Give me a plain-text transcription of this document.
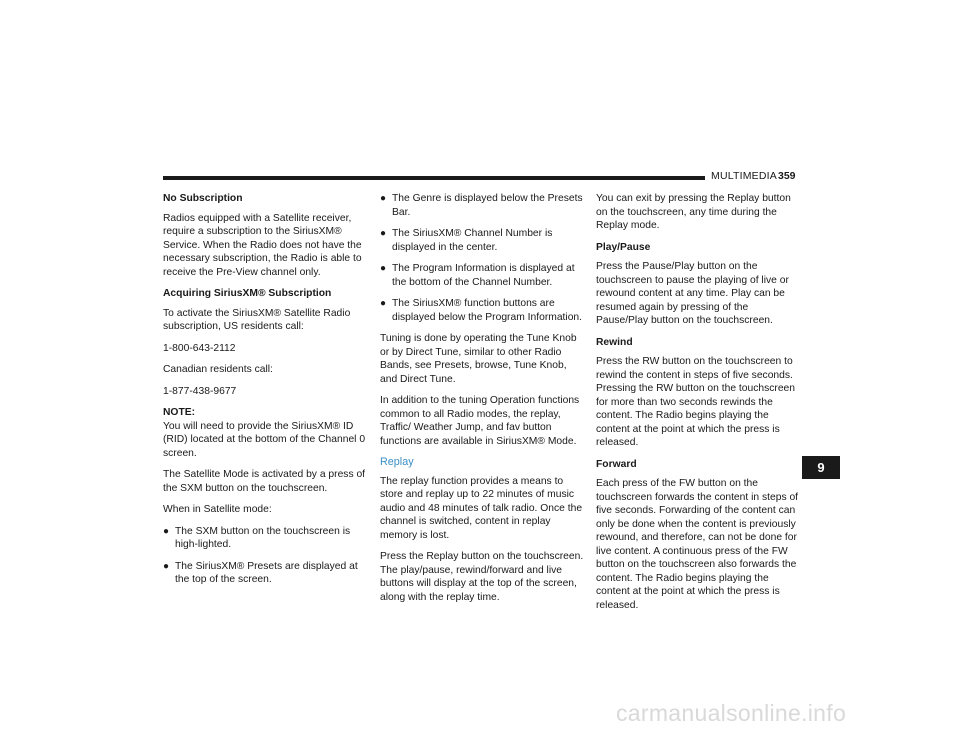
MULTIMEDIA 359

No Subscription

Radios equipped with a Satellite receiver, require a subscription to the SiriusXM® Service. When the Radio does not have the necessary subscription, the Radio is able to receive the Pre-View channel only.

Acquiring SiriusXM® Subscription

To activate the SiriusXM® Satellite Radio subscription, US residents call:

1-800-643-2112

Canadian residents call:

1-877-438-9677

NOTE:

You will need to provide the SiriusXM® ID (RID) located at the bottom of the Channel 0 screen.

The Satellite Mode is activated by a press of the SXM button on the touchscreen.

When in Satellite mode:

● The SXM button on the touchscreen is high-lighted.
● The SiriusXM® Presets are displayed at the top of the screen.
● The Genre is displayed below the Presets Bar.
● The SiriusXM® Channel Number is displayed in the center.
● The Program Information is displayed at the bottom of the Channel Number.
● The SiriusXM® function buttons are displayed below the Program Information.

Tuning is done by operating the Tune Knob or by Direct Tune, similar to other Radio Bands, see Presets, browse, Tune Knob, and Direct Tune.

In addition to the tuning Operation functions common to all Radio modes, the replay, Traffic/ Weather Jump, and fav button functions are available in SiriusXM® Mode.

Replay

The replay function provides a means to store and replay up to 22 minutes of music audio and 48 minutes of talk radio. Once the channel is switched, content in replay memory is lost.

Press the Replay button on the touchscreen. The play/pause, rewind/forward and live buttons will display at the top of the screen, along with the replay time.

You can exit by pressing the Replay button on the touchscreen, any time during the Replay mode.

Play/Pause

Press the Pause/Play button on the touchscreen to pause the playing of live or rewound content at any time. Play can be resumed again by pressing of the Pause/Play button on the touchscreen.

Rewind

Press the RW button on the touchscreen to rewind the content in steps of five seconds. Pressing the RW button on the touchscreen for more than two seconds rewinds the content. The Radio begins playing the content at the point at which the press is released.

Forward

Each press of the FW button on the touchscreen forwards the content in steps of five seconds. Forwarding of the content can only be done when the content is previously rewound, and therefore, can not be done for live content. A continuous press of the FW button on the touchscreen also forwards the content. The Radio begins playing the content at the point at which the press is released.

9
carmanualsonline.info
